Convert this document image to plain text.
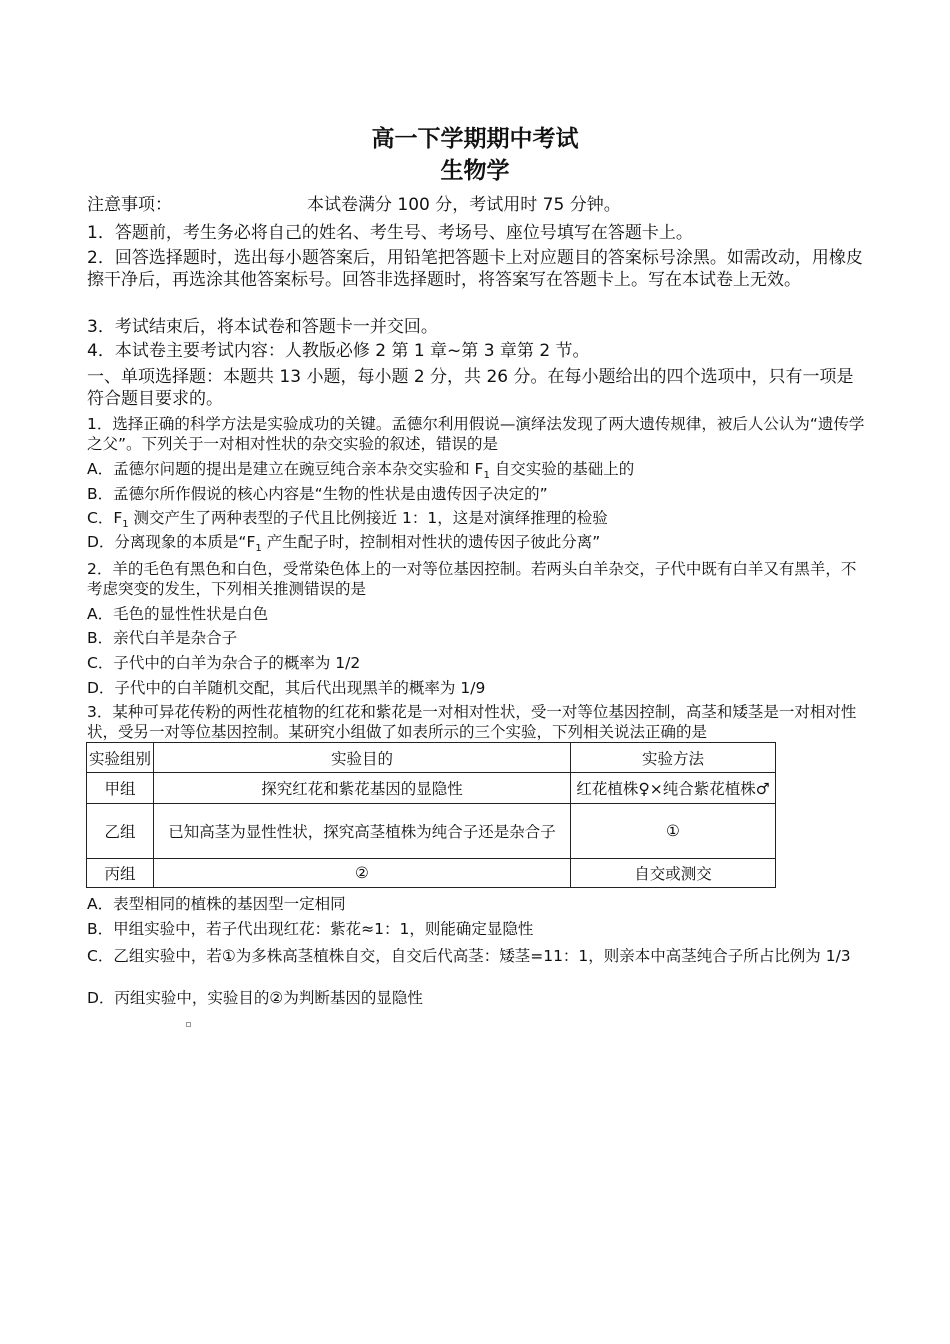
高一下学期期中考试
生物学
注意事项：	本试卷满分 100 分，考试用时 75 分钟。
1．答题前，考生务必将自己的姓名、考生号、考场号、座位号填写在答题卡上。
2．回答选择题时，选出每小题答案后，用铅笔把答题卡上对应题目的答案标号涂黑。如需改动，用橡皮擦干净后，再选涂其他答案标号。回答非选择题时，将答案写在答题卡上。写在本试卷上无效。
3．考试结束后，将本试卷和答题卡一并交回。
4．本试卷主要考试内容：人教版必修 2 第 1 章~第 3 章第 2 节。
一、单项选择题：本题共 13 小题，每小题 2 分，共 26 分。在每小题给出的四个选项中，只有一项是符合题目要求的。
1．选择正确的科学方法是实验成功的关键。孟德尔利用假说—演绎法发现了两大遗传规律，被后人公认为“遗传学之父”。下列关于一对相对性状的杂交实验的叙述，错误的是
A．孟德尔问题的提出是建立在豌豆纯合亲本杂交实验和 $F_1$ 自交实验的基础上的
B．孟德尔所作假说的核心内容是“生物的性状是由遗传因子决定的”
C．$F_1$ 测交产生了两种表型的子代且比例接近 1：1，这是对演绎推理的检验
D．分离现象的本质是“$F_1$ 产生配子时，控制相对性状的遗传因子彼此分离”
2．羊的毛色有黑色和白色，受常染色体上的一对等位基因控制。若两头白羊杂交，子代中既有白羊又有黑羊，不考虑突变的发生，下列相关推测错误的是
A．毛色的显性性状是白色
B．亲代白羊是杂合子
C．子代中的白羊为杂合子的概率为 1/2
D．子代中的白羊随机交配，其后代出现黑羊的概率为 1/9
3．某种可异花传粉的两性花植物的红花和紫花是一对相对性状，受一对等位基因控制，高茎和矮茎是一对相对性状，受另一对等位基因控制。某研究小组做了如表所示的三个实验，下列相关说法正确的是
实验组别	实验目的	实验方法
甲组	探究红花和紫花基因的显隐性	红花植株♀×纯合紫花植株♂
乙组	已知高茎为显性性状，探究高茎植株为纯合子还是杂合子	①
丙组	②	自交或测交
A．表型相同的植株的基因型一定相同
B．甲组实验中，若子代出现红花：紫花≈1：1，则能确定显隐性
C．乙组实验中，若①为多株高茎植株自交，自交后代高茎：矮茎=11：1，则亲本中高茎纯合子所占比例为 1/3
D．丙组实验中，实验目的②为判断基因的显隐性
